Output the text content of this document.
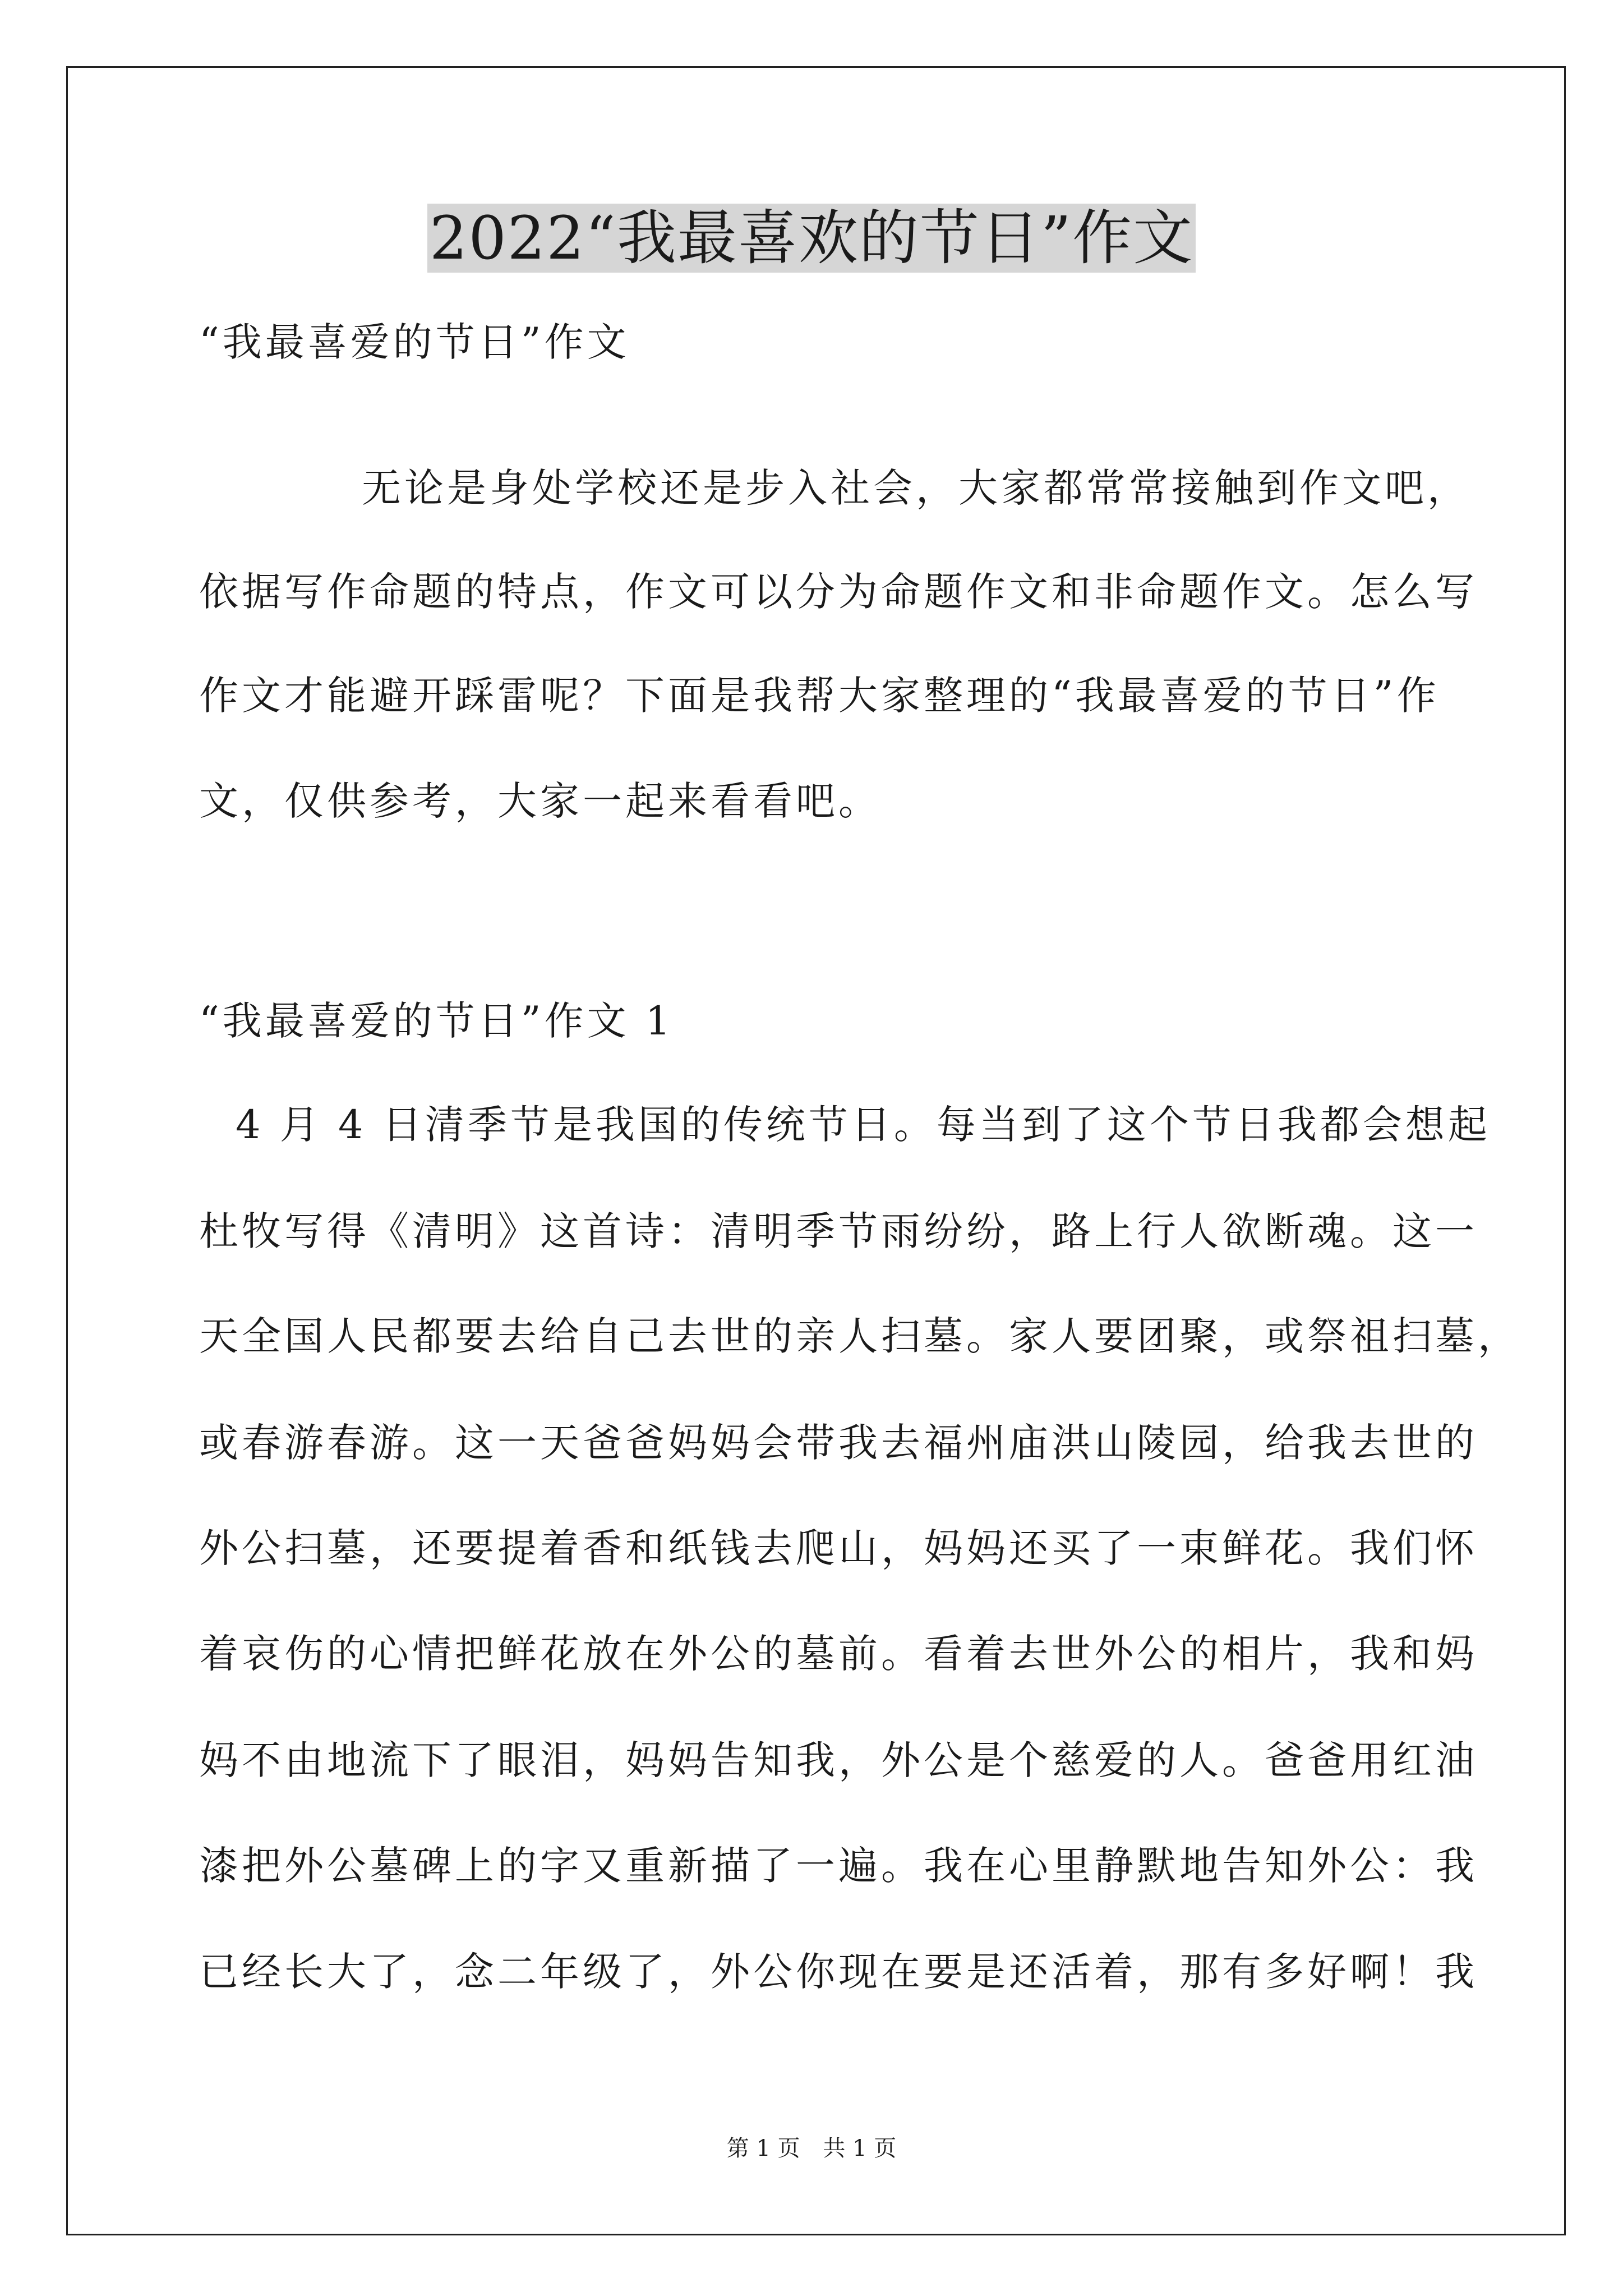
2022“我最喜欢的节日”作文
“我最喜爱的节日”作文
无论是身处学校还是步入社会，大家都常常接触到作文吧，
依据写作命题的特点，作文可以分为命题作文和非命题作文。怎么写
作文才能避开踩雷呢？下面是我帮大家整理的“我最喜爱的节日”作
文，仅供参考，大家一起来看看吧。
“我最喜爱的节日”作文 1
4 月 4 日清季节是我国的传统节日。每当到了这个节日我都会想起
杜牧写得《清明》这首诗：清明季节雨纷纷，路上行人欲断魂。这一
天全国人民都要去给自己去世的亲人扫墓。家人要团聚，或祭祖扫墓，
或春游春游。这一天爸爸妈妈会带我去福州庙洪山陵园，给我去世的
外公扫墓，还要提着香和纸钱去爬山，妈妈还买了一束鲜花。我们怀
着哀伤的心情把鲜花放在外公的墓前。看着去世外公的相片，我和妈
妈不由地流下了眼泪，妈妈告知我，外公是个慈爱的人。爸爸用红油
漆把外公墓碑上的字又重新描了一遍。我在心里静默地告知外公：我
已经长大了，念二年级了，外公你现在要是还活着，那有多好啊！我
第 1 页 共 1 页
